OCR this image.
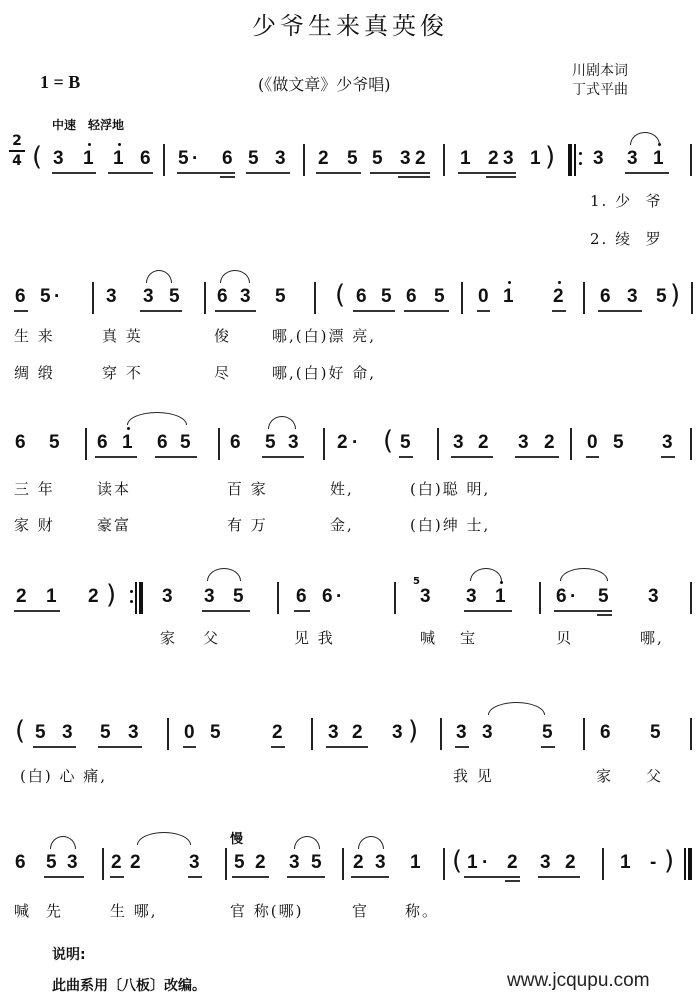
少爷生来真英俊
1 = B	(《做文章》少爷唱)
川剧本词
丁式平曲
中速　轻浮地
2
4 ( 3 1 1 6 5 · 6 5 3 2 5 5 3 2 1 2 3 1 ) 3 3 1
1. 少 爷
2. 绫 罗
6 5 · 3 3 5 6 3 5 ( 6 5 6 5 0 1 2 6 3 5 )
生 来	真 英	俊	哪,(白)漂 亮,
绸 缎	穿 不	尽	哪,(白)好 命,
6 5 6 1 6 5 6 5 3 2 · ( 5 3 2 3 2 0 5 3
三 年	读本	百 家	姓,	(白)聪 明,
家 财	豪富	有 万	金,	(白)绅 士,
2 1 2 ) 3 3 5	6 6 ·
5
3 3 1	6 · 5 3
家 父	见 我	喊 宝	贝	哪,
( 5 3 5 3 0 5	2 3 2 3 ) 3 3	5 6 5
(白) 心 痛,	我 见	家 父
慢
6 5 3 2 2	3 5 2 3 5 2 3 1 ( 1 · 2 3 2 1 - )
喊 先	生 哪,	官 称(哪)	官 称。
说明:
此曲系用〔八板〕改编。	www.jcqupu.com
